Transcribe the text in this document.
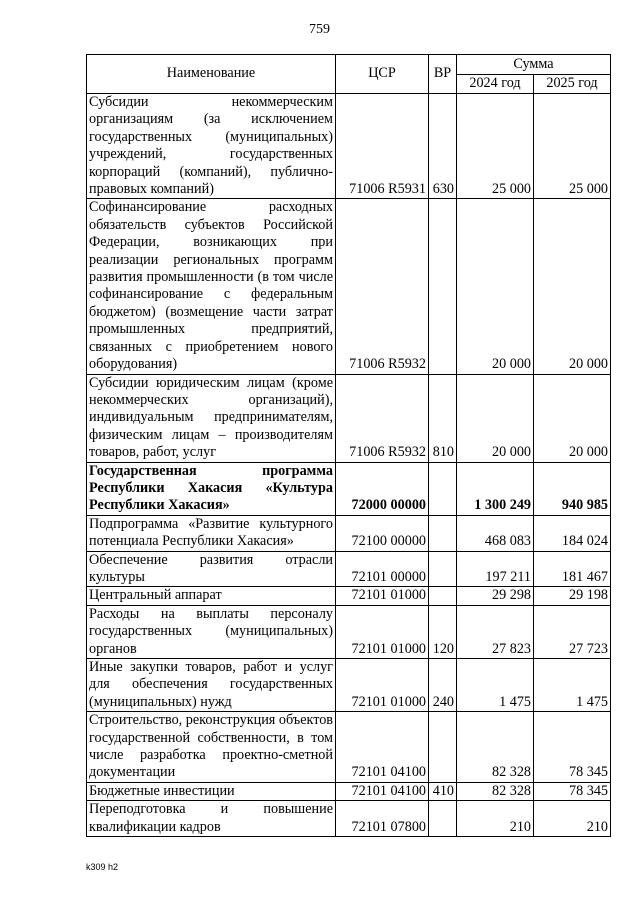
759
Наименование	ЦСР	ВР	Сумма	
			2024 год	2025 год
Субсидии некоммерческим организациям (за исключением государственных (муниципальных) учреждений, государственных корпораций (компаний), публично-правовых компаний)	71006 R5931	630	25 000	25 000
Софинансирование расходных обязательств субъектов Российской Федерации, возникающих при реализации региональных программ развития промышленности (в том числе софинансирование с федеральным бюджетом) (возмещение части затрат промышленных предприятий, связанных с приобретением нового оборудования)	71006 R5932		20 000	20 000
Субсидии юридическим лицам (кроме некоммерческих организаций), индивидуальным предпринимателям, физическим лицам – производителям товаров, работ, услуг	71006 R5932	810	20 000	20 000
Государственная программа Республики Хакасия «Культура Республики Хакасия»	72000 00000		1 300 249	940 985
Подпрограмма «Развитие культурного потенциала Республики Хакасия»	72100 00000		468 083	184 024
Обеспечение развития отрасли культуры	72101 00000		197 211	181 467
Центральный аппарат	72101 01000		29 298	29 198
Расходы на выплаты персоналу государственных (муниципальных) органов	72101 01000	120	27 823	27 723
Иные закупки товаров, работ и услуг для обеспечения государственных (муниципальных) нужд	72101 01000	240	1 475	1 475
Строительство, реконструкция объектов государственной собственности, в том числе разработка проектно-сметной документации	72101 04100		82 328	78 345
Бюджетные инвестиции	72101 04100	410	82 328	78 345
Переподготовка и повышение квалификации кадров	72101 07800		210	210
k309 h2
